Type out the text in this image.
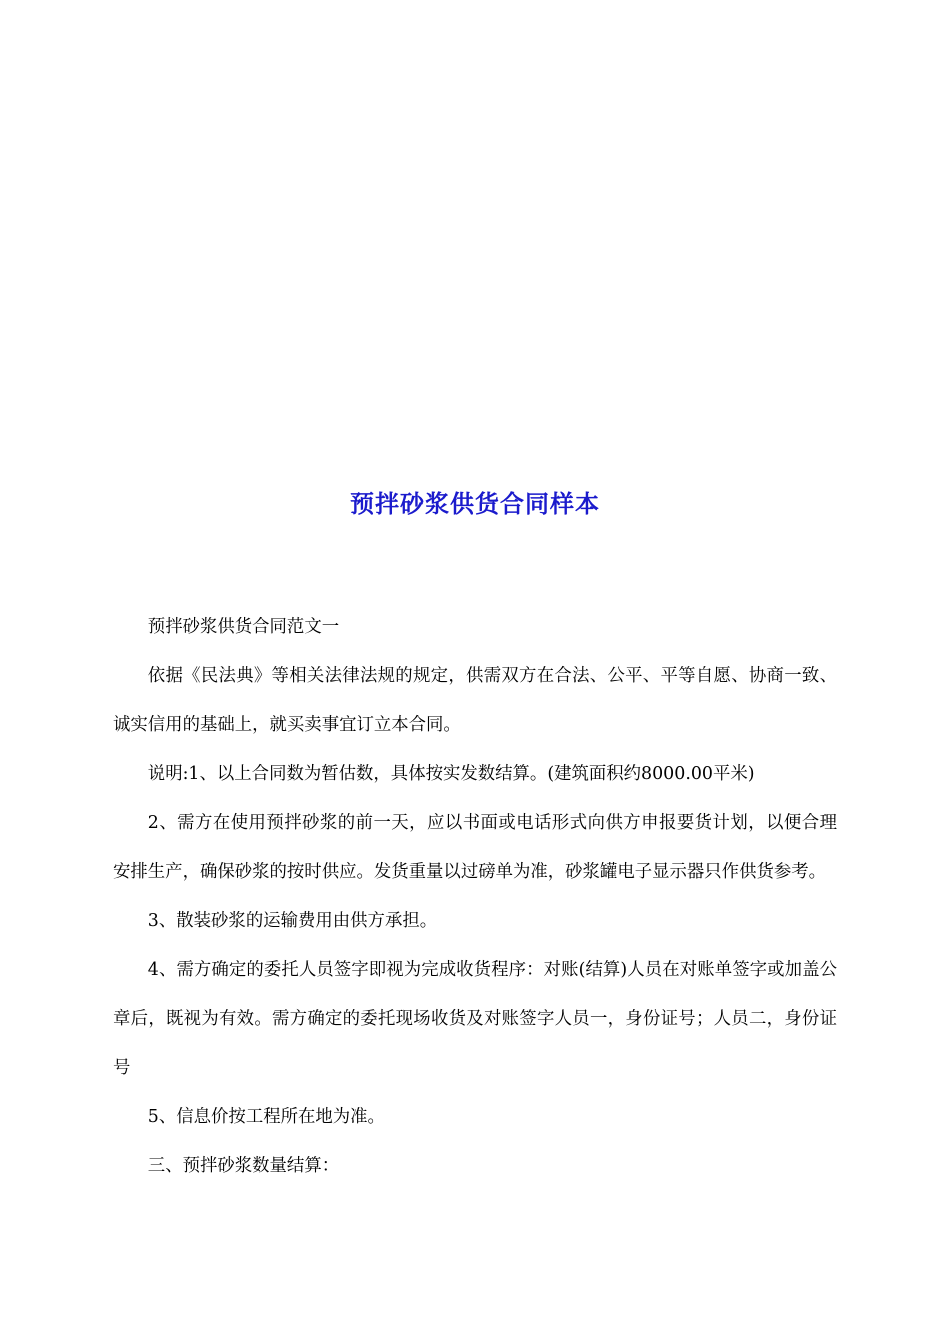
预拌砂浆供货合同样本

预拌砂浆供货合同范文一

依据《民法典》等相关法律法规的规定，供需双方在合法、公平、平等自愿、协商一致、诚实信用的基础上，就买卖事宜订立本合同。

说明:1、以上合同数为暂估数，具体按实发数结算。(建筑面积约8000.00平米)

2、需方在使用预拌砂浆的前一天，应以书面或电话形式向供方申报要货计划，以便合理安排生产，确保砂浆的按时供应。发货重量以过磅单为准，砂浆罐电子显示器只作供货参考。

3、散装砂浆的运输费用由供方承担。

4、需方确定的委托人员签字即视为完成收货程序：对账(结算)人员在对账单签字或加盖公章后，既视为有效。需方确定的委托现场收货及对账签字人员一，身份证号；人员二，身份证号

5、信息价按工程所在地为准。

三、预拌砂浆数量结算：
